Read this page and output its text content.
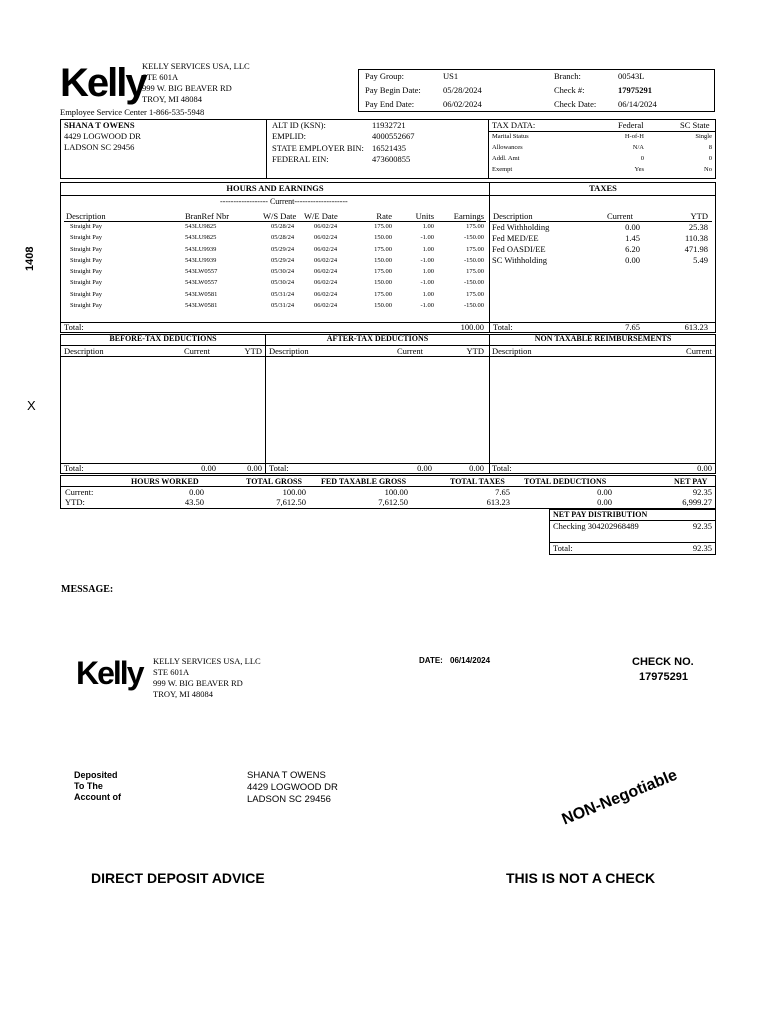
1408
X
Kelly
KELLY SERVICES USA, LLC
STE 601A
999 W. BIG BEAVER RD
TROY, MI 48084
Employee Service Center 1-866-535-5948
Pay Group:	US1
Pay Begin Date:	05/28/2024
Pay End Date:	06/02/2024
Branch:	00543L
Check #:	17975291
Check Date:	06/14/2024
SHANA T OWENS
4429 LOGWOOD DR
LADSON SC 29456
ALT ID (KSN):	11932721
EMPLID:	4000552667
STATE EMPLOYER BIN: 16521435
FEDERAL EIN:	473600855
TAX DATA:	Federal	SC State
Marital Status	H-of-H	Single
Allowances	N/A	8
Addl. Amt	0	0
Exempt	Yes	No
HOURS AND EARNINGS	TAXES
------------------ Current--------------------
Description	BranRef Nbr	W/S Date W/E Date	Rate	Units	Earnings
Straight Pay	543LU9825	05/28/24	06/02/24	175.00	1.00	175.00
Straight Pay	543LU9825	05/28/24	06/02/24	150.00	-1.00	-150.00
Straight Pay	543LU9939	05/29/24	06/02/24	175.00	1.00	175.00
Straight Pay	543LU9939	05/29/24	06/02/24	150.00	-1.00	-150.00
Straight Pay	543LW0557	05/30/24	06/02/24	175.00	1.00	175.00
Straight Pay	543LW0557	05/30/24	06/02/24	150.00	-1.00	-150.00
Straight Pay	543LW0581	05/31/24	06/02/24	175.00	1.00	175.00
Straight Pay	543LW0581	05/31/24	06/02/24	150.00	-1.00	-150.00
Total:	100.00
Description	Current	YTD
Fed Withholding	0.00	25.38
Fed MED/EE	1.45	110.38
Fed OASDI/EE	6.20	471.98
SC Withholding	0.00	5.49
Total:	7.65	613.23
BEFORE-TAX DEDUCTIONS	AFTER-TAX DEDUCTIONS	NON TAXABLE REIMBURSEMENTS
Description	Current	YTD Description	Current	YTD Description	Current
Total:	0.00	0.00 Total:	0.00	0.00 Total:	0.00
HOURS WORKED	TOTAL GROSS FED TAXABLE GROSS	TOTAL TAXES TOTAL DEDUCTIONS	NET PAY
Current:	0.00	100.00	100.00	7.65	0.00	92.35
YTD:	43.50	7,612.50	7,612.50	613.23	0.00	6,999.27
NET PAY DISTRIBUTION
Checking 304202968489	92.35
Total:	92.35
MESSAGE:
Kelly KELLY SERVICES USA, LLC
STE 601A
999 W. BIG BEAVER RD
TROY, MI 48084
DATE: 06/14/2024	CHECK NO.
17975291
Deposited
To The
Account of
SHANA T OWENS
4429 LOGWOOD DR
LADSON SC 29456	NON-Negotiable
DIRECT DEPOSIT ADVICE	THIS IS NOT A CHECK
